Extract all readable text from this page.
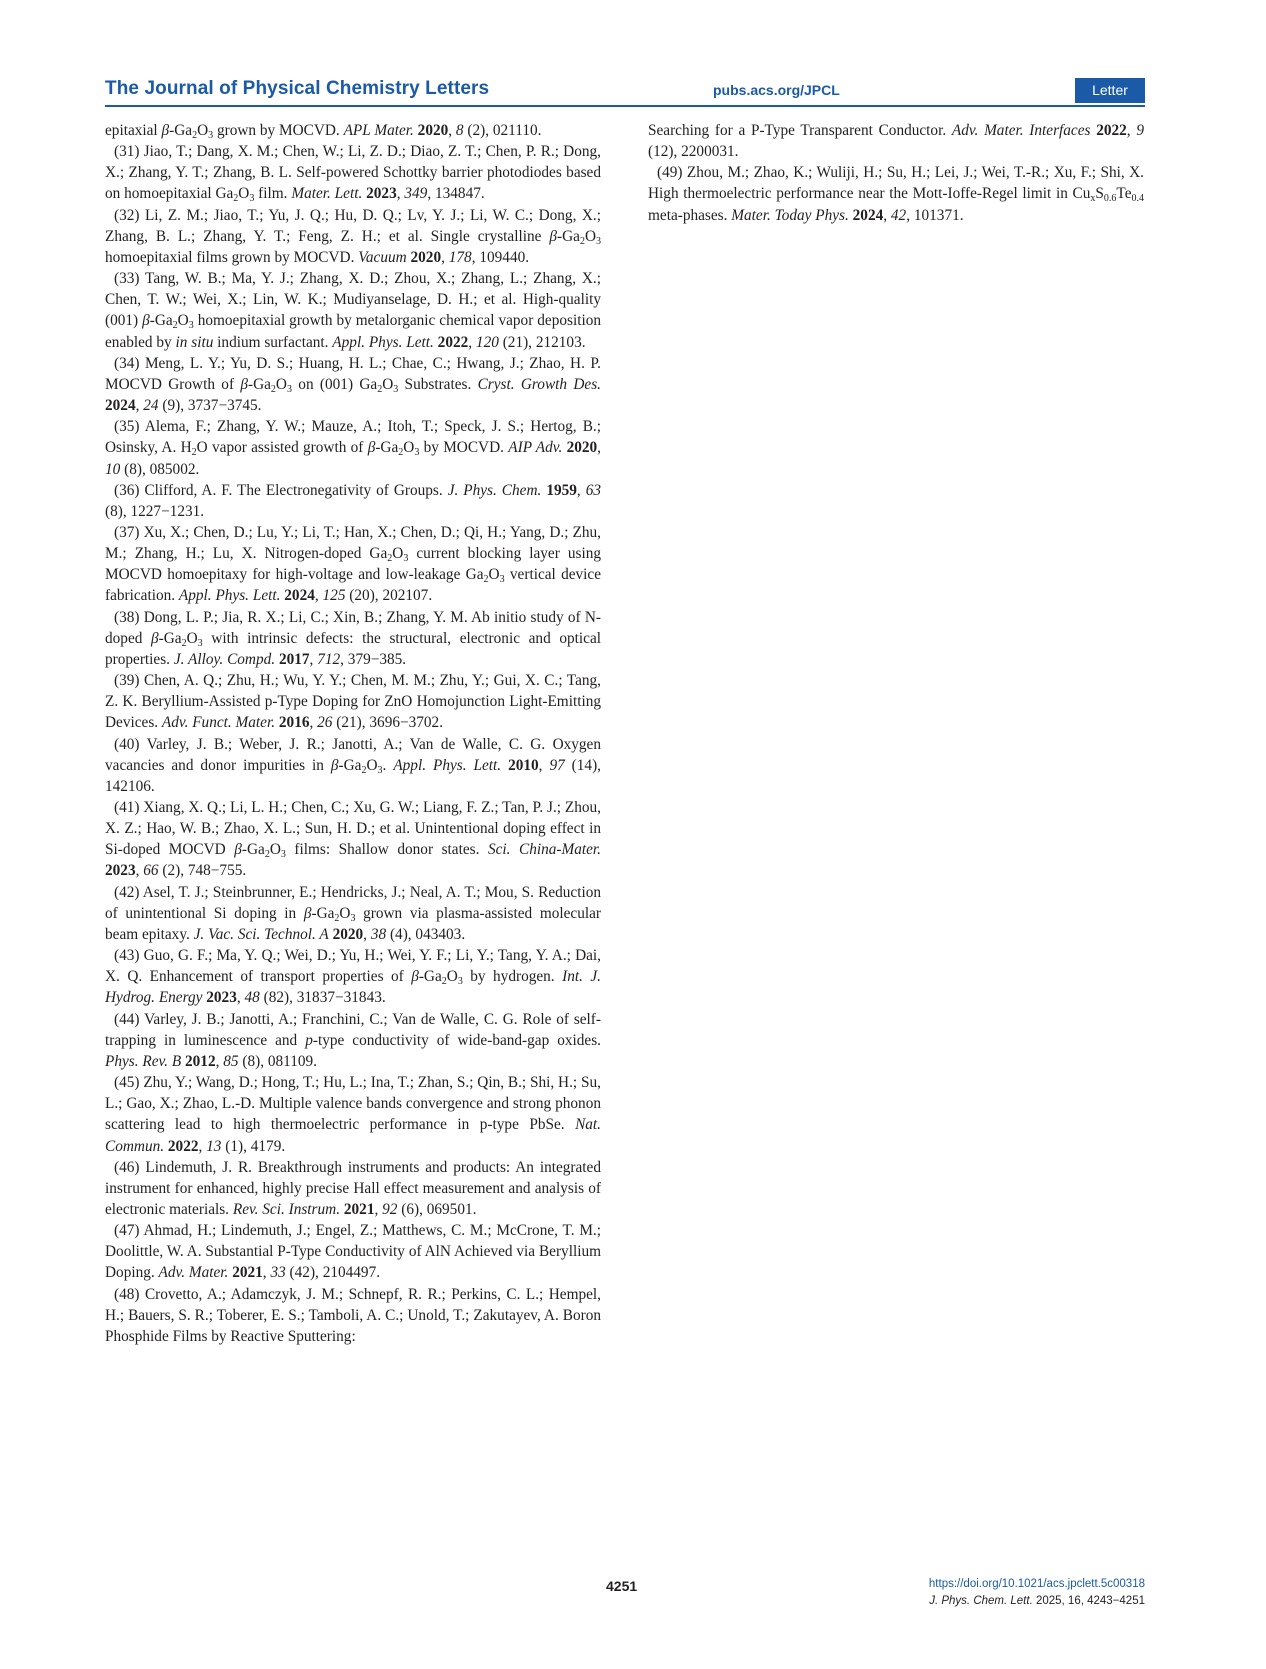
The Journal of Physical Chemistry Letters	pubs.acs.org/JPCL	Letter

epitaxial $\beta-Ga_2O_3$ grown by MOCVD. APL Mater. 2020, 8 (2), 021110.

(31) Jiao, T.; Dang, X. M.; Chen, W.; Li, Z. D.; Diao, Z. T.; Chen, P. R.; Dong, X.; Zhang, Y. T.; Zhang, B. L. Self-powered Schottky barrier photodiodes based on homoepitaxial $Ga_2O_3$ film. Mater. Lett. 2023, 349, 134847.

(32) Li, Z. M.; Jiao, T.; Yu, J. Q.; Hu, D. Q.; Lv, Y. J.; Li, W. C.; Dong, X.; Zhang, B. L.; Zhang, Y. T.; Feng, Z. H.; et al. Single crystalline $\beta-Ga_2O_3$ homoepitaxial films grown by MOCVD. Vacuum 2020, 178, 109440.

(33) Tang, W. B.; Ma, Y. J.; Zhang, X. D.; Zhou, X.; Zhang, L.; Zhang, X.; Chen, T. W.; Wei, X.; Lin, W. K.; Mudiyanselage, D. H.; et al. High-quality (001) $\beta-Ga_2O_3$ homoepitaxial growth by metalorganic chemical vapor deposition enabled by in situ indium surfactant. Appl. Phys. Lett. 2022, 120 (21), 212103.

(34) Meng, L. Y.; Yu, D. S.; Huang, H. L.; Chae, C.; Hwang, J.; Zhao, H. P. MOCVD Growth of $\beta-Ga_2O_3$ on (001) $Ga_2O_3$ Substrates. Cryst. Growth Des. 2024, 24 (9), 3737−3745.

(35) Alema, F.; Zhang, Y. W.; Mauze, A.; Itoh, T.; Speck, J. S.; Hertog, B.; Osinsky, A. $H_2O$ vapor assisted growth of $\beta-Ga_2O_3$ by MOCVD. AIP Adv. 2020, 10 (8), 085002.

(36) Clifford, A. F. The Electronegativity of Groups. J. Phys. Chem. 1959, 63 (8), 1227−1231.

(37) Xu, X.; Chen, D.; Lu, Y.; Li, T.; Han, X.; Chen, D.; Qi, H.; Yang, D.; Zhu, M.; Zhang, H.; Lu, X. Nitrogen-doped $Ga_2O_3$ current blocking layer using MOCVD homoepitaxy for high-voltage and low-leakage $Ga_2O_3$ vertical device fabrication. Appl. Phys. Lett. 2024, 125 (20), 202107.

(38) Dong, L. P.; Jia, R. X.; Li, C.; Xin, B.; Zhang, Y. M. Ab initio study of N-doped $\beta-Ga_2O_3$ with intrinsic defects: the structural, electronic and optical properties. J. Alloy. Compd. 2017, 712, 379−385.

(39) Chen, A. Q.; Zhu, H.; Wu, Y. Y.; Chen, M. M.; Zhu, Y.; Gui, X. C.; Tang, Z. K. Beryllium-Assisted p-Type Doping for ZnO Homojunction Light-Emitting Devices. Adv. Funct. Mater. 2016, 26 (21), 3696−3702.

(40) Varley, J. B.; Weber, J. R.; Janotti, A.; Van de Walle, C. G. Oxygen vacancies and donor impurities in $\beta-Ga_2O_3$. Appl. Phys. Lett. 2010, 97 (14), 142106.

(41) Xiang, X. Q.; Li, L. H.; Chen, C.; Xu, G. W.; Liang, F. Z.; Tan, P. J.; Zhou, X. Z.; Hao, W. B.; Zhao, X. L.; Sun, H. D.; et al. Unintentional doping effect in Si-doped MOCVD $\beta-Ga_2O_3$ films: Shallow donor states. Sci. China-Mater. 2023, 66 (2), 748−755.

(42) Asel, T. J.; Steinbrunner, E.; Hendricks, J.; Neal, A. T.; Mou, S. Reduction of unintentional Si doping in $\beta-Ga_2O_3$ grown via plasma-assisted molecular beam epitaxy. J. Vac. Sci. Technol. A 2020, 38 (4), 043403.

(43) Guo, G. F.; Ma, Y. Q.; Wei, D.; Yu, H.; Wei, Y. F.; Li, Y.; Tang, Y. A.; Dai, X. Q. Enhancement of transport properties of $\beta-Ga_2O_3$ by hydrogen. Int. J. Hydrog. Energy 2023, 48 (82), 31837−31843.

(44) Varley, J. B.; Janotti, A.; Franchini, C.; Van de Walle, C. G. Role of self-trapping in luminescence and p-type conductivity of wide-band-gap oxides. Phys. Rev. B 2012, 85 (8), 081109.

(45) Zhu, Y.; Wang, D.; Hong, T.; Hu, L.; Ina, T.; Zhan, S.; Qin, B.; Shi, H.; Su, L.; Gao, X.; Zhao, L.-D. Multiple valence bands convergence and strong phonon scattering lead to high thermoelectric performance in p-type PbSe. Nat. Commun. 2022, 13 (1), 4179.

(46) Lindemuth, J. R. Breakthrough instruments and products: An integrated instrument for enhanced, highly precise Hall effect measurement and analysis of electronic materials. Rev. Sci. Instrum. 2021, 92 (6), 069501.

(47) Ahmad, H.; Lindemuth, J.; Engel, Z.; Matthews, C. M.; McCrone, T. M.; Doolittle, W. A. Substantial P-Type Conductivity of AlN Achieved via Beryllium Doping. Adv. Mater. 2021, 33 (42), 2104497.

(48) Crovetto, A.; Adamczyk, J. M.; Schnepf, R. R.; Perkins, C. L.; Hempel, H.; Bauers, S. R.; Toberer, E. S.; Tamboli, A. C.; Unold, T.; Zakutayev, A. Boron Phosphide Films by Reactive Sputtering:

Searching for a P-Type Transparent Conductor. Adv. Mater. Interfaces 2022, 9 (12), 2200031.

(49) Zhou, M.; Zhao, K.; Wuliji, H.; Su, H.; Lei, J.; Wei, T.-R.; Xu, F.; Shi, X. High thermoelectric performance near the Mott-Ioffe-Regel limit in $Cu_xS_{0.6}Te_{0.4}$ meta-phases. Mater. Today Phys. 2024, 42, 101371.

4251	https://doi.org/10.1021/acs.jpclett.5c00318
J. Phys. Chem. Lett. 2025, 16, 4243−4251
